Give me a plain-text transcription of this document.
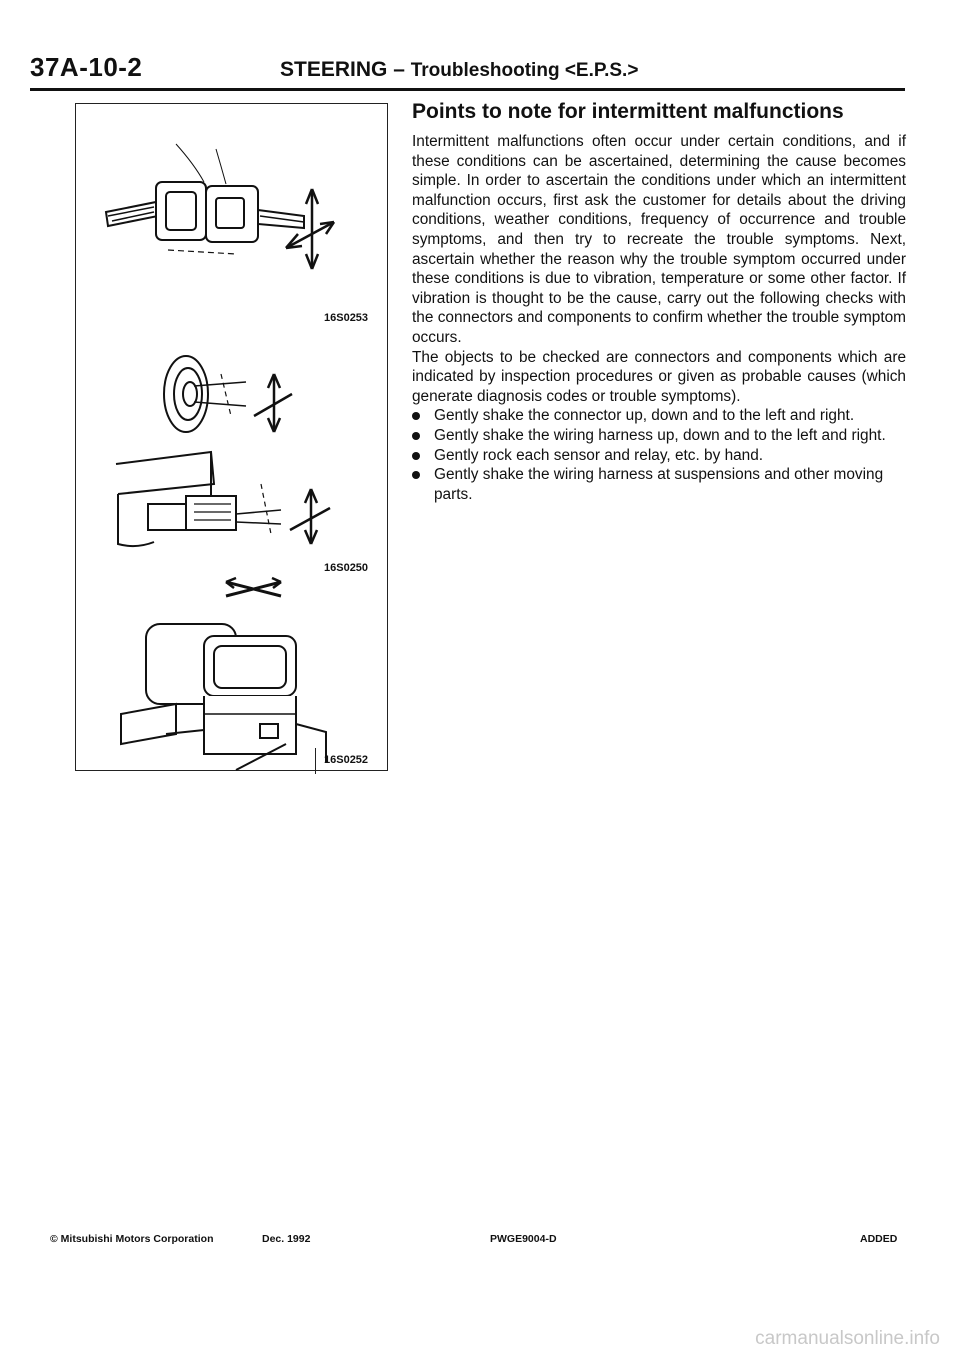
37A-10-2	STEERING – Troubleshooting <E.P.S.>
16S0253
16S0250
16S0252
Points to note for intermittent malfunctions

Intermittent malfunctions often occur under certain conditions, and if these conditions can be ascertained, determining the cause becomes simple. In order to ascertain the conditions under which an intermittent malfunction occurs, first ask the customer for details about the driving conditions, weather conditions, frequency of occurrence and trouble symptoms, and then try to recreate the trouble symptoms. Next, ascertain whether the reason why the trouble symptom occurred under these conditions is due to vibration, temperature or some other factor. If vibration is thought to be the cause, carry out the following checks with the connectors and components to confirm whether the trouble symptom occurs.

The objects to be checked are connectors and components which are indicated by inspection procedures or given as probable causes (which generate diagnosis codes or trouble symptoms).

Gently shake the connector up, down and to the left and right.
Gently shake the wiring harness up, down and to the left and right.
Gently rock each sensor and relay, etc. by hand.
Gently shake the wiring harness at suspensions and other moving parts.
© Mitsubishi Motors Corporation	Dec. 1992	PWGE9004-D	ADDED
carmanualsonline.info
